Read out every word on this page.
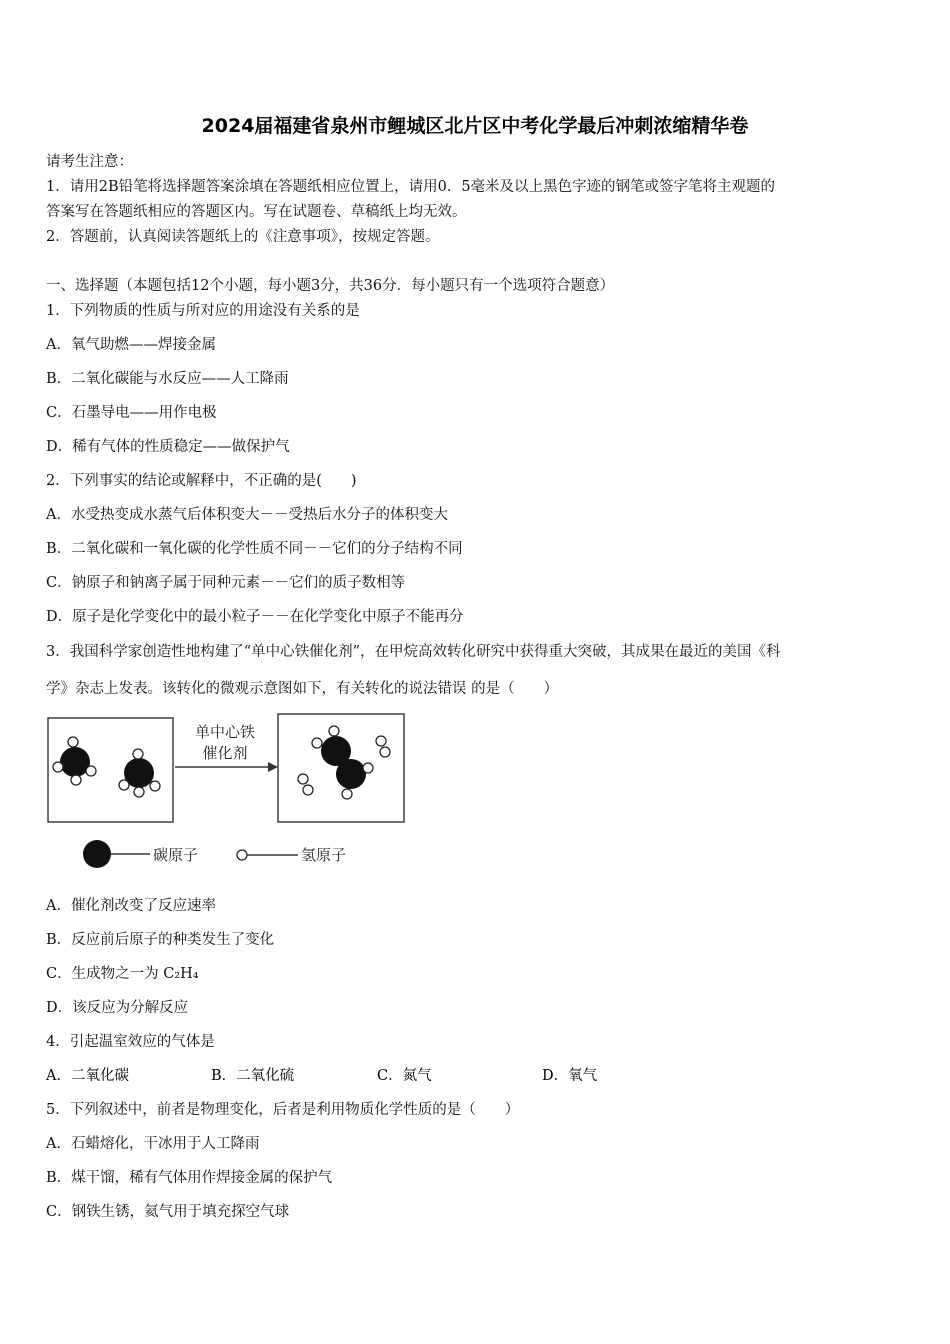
2024届福建省泉州市鲤城区北片区中考化学最后冲刺浓缩精华卷
请考生注意：
1．请用2B铅笔将选择题答案涂填在答题纸相应位置上，请用0．5毫米及以上黑色字迹的钢笔或签字笔将主观题的
答案写在答题纸相应的答题区内。写在试题卷、草稿纸上均无效。
2．答题前，认真阅读答题纸上的《注意事项》，按规定答题。
一、选择题（本题包括12个小题，每小题3分，共36分．每小题只有一个选项符合题意）
1．下列物质的性质与所对应的用途没有关系的是
A．氧气助燃——焊接金属
B．二氧化碳能与水反应——人工降雨
C．石墨导电——用作电极
D．稀有气体的性质稳定——做保护气
2．下列事实的结论或解释中，不正确的是(　　)
A．水受热变成水蒸气后体积变大－－受热后水分子的体积变大
B．二氧化碳和一氧化碳的化学性质不同－－它们的分子结构不同
C．钠原子和钠离子属于同种元素－－它们的质子数相等
D．原子是化学变化中的最小粒子－－在化学变化中原子不能再分
3．我国科学家创造性地构建了“单中心铁催化剂”，在甲烷高效转化研究中获得重大突破，其成果在最近的美国《科
学》杂志上发表。该转化的微观示意图如下，有关转化的说法错误 的是（　　）
单中心铁
催化剂
碳原子	氢原子
A．催化剂改变了反应速率
B．反应前后原子的种类发生了变化
C．生成物之一为 C₂H₄
D．该反应为分解反应
4．引起温室效应的气体是
A．二氧化碳	B．二氧化硫	C．氮气	D．氧气
5．下列叙述中，前者是物理变化，后者是利用物质化学性质的是（　　）
A．石蜡熔化，干冰用于人工降雨
B．煤干馏，稀有气体用作焊接金属的保护气
C．钢铁生锈，氦气用于填充探空气球
